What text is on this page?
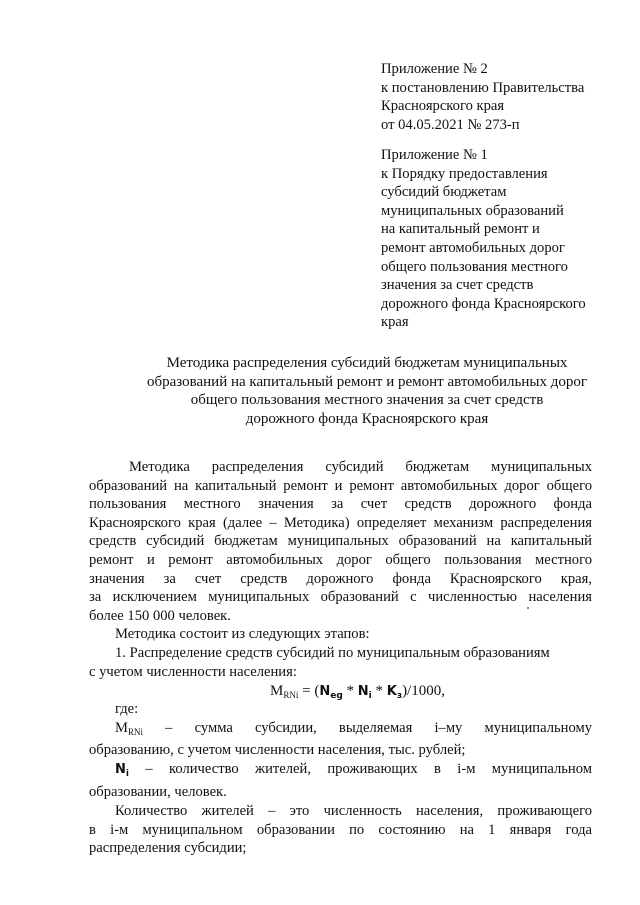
Приложение № 2
к постановлению Правительства
Красноярского края
от 04.05.2021 № 273-п
Приложение № 1
к Порядку предоставления
субсидий бюджетам
муниципальных образований
на капитальный ремонт и
ремонт автомобильных дорог
общего пользования местного
значения за счет средств
дорожного фонда Красноярского
края
Методика распределения субсидий бюджетам муниципальных
образований на капитальный ремонт и ремонт автомобильных дорог
общего пользования местного значения за счет средств
дорожного фонда Красноярского края
Методика распределения субсидий бюджетам муниципальных
образований на капитальный ремонт и ремонт автомобильных дорог общего
пользования местного значения за счет средств дорожного фонда
Красноярского края (далее – Методика) определяет механизм распределения
средств субсидий бюджетам муниципальных образований на капитальный
ремонт и ремонт автомобильных дорог общего пользования местного
значения за счет средств дорожного фонда Красноярского края,
за исключением муниципальных образований с численностью населения
более 150 000 человек.
Методика состоит из следующих этапов:
1. Распределение средств субсидий по муниципальным образованиям
с учетом численности населения:
$M_{RNi} = (N_{eg} * N_i * K_з)/1000$,
где:
$M_{RNi}$ – сумма субсидии, выделяемая i–му муниципальному
образованию, с учетом численности населения, тыс. рублей;
$N_i$ – количество жителей, проживающих в i-м муниципальном
образовании, человек.
Количество жителей – это численность населения, проживающего
в i-м муниципальном образовании по состоянию на 1 января года
распределения субсидии;
